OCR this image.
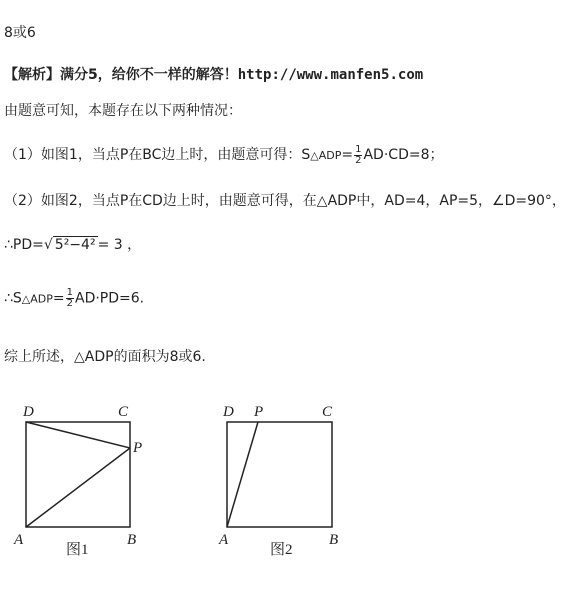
8或6
【解析】满分5，给你不一样的解答！http://www.manfen5.com
由题意可知，本题存在以下两种情况：
（1）如图1，当点P在BC边上时，由题意可得：S△ADP= $\frac{1}{2} AD\cdot CD=8$；
（2）如图2，当点P在CD边上时，由题意可得，在△ADP中，AD=4，AP=5，∠D=90°，
∴PD=√ 5²−4² = 3 ，
∴S△ADP= $\frac{1}{2} AD\cdot PD=6$.
综上所述，△ADP的面积为8或6.
D	C
P
A	B
图1
D P	C
A	B
图2
